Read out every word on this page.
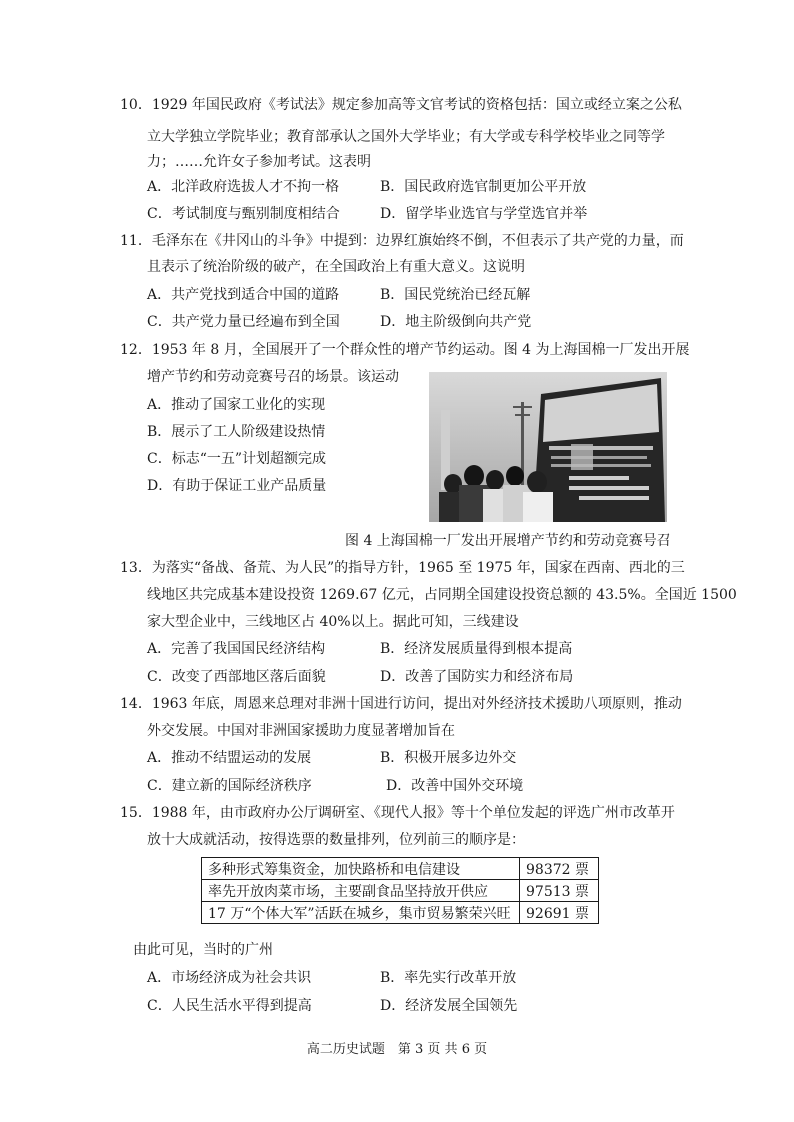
10．1929 年国民政府《考试法》规定参加高等文官考试的资格包括：国立或经立案之公私
立大学独立学院毕业；教育部承认之国外大学毕业；有大学或专科学校毕业之同等学
力；……允许女子参加考试。这表明
A．北洋政府选拔人才不拘一格	B．国民政府选官制更加公平开放
C．考试制度与甄别制度相结合	D．留学毕业选官与学堂选官并举
11．毛泽东在《井冈山的斗争》中提到：边界红旗始终不倒，不但表示了共产党的力量，而
且表示了统治阶级的破产，在全国政治上有重大意义。这说明
A．共产党找到适合中国的道路	B．国民党统治已经瓦解
C．共产党力量已经遍布到全国	D．地主阶级倒向共产党
12．1953 年 8 月，全国展开了一个群众性的增产节约运动。图 4 为上海国棉一厂发出开展
增产节约和劳动竞赛号召的场景。该运动
A．推动了国家工业化的实现
B．展示了工人阶级建设热情
C．标志“一五”计划超额完成
D．有助于保证工业产品质量
图 4 上海国棉一厂发出开展增产节约和劳动竞赛号召
13．为落实“备战、备荒、为人民”的指导方针，1965 至 1975 年，国家在西南、西北的三
线地区共完成基本建设投资 1269.67 亿元，占同期全国建设投资总额的 43.5%。全国近 1500
家大型企业中，三线地区占 40%以上。据此可知，三线建设
A．完善了我国国民经济结构	B．经济发展质量得到根本提高
C．改变了西部地区落后面貌	D．改善了国防实力和经济布局
14．1963 年底，周恩来总理对非洲十国进行访问，提出对外经济技术援助八项原则，推动
外交发展。中国对非洲国家援助力度显著增加旨在
A．推动不结盟运动的发展	B．积极开展多边外交
C．建立新的国际经济秩序	D．改善中国外交环境
15．1988 年，由市政府办公厅调研室、《现代人报》等十个单位发起的评选广州市改革开
放十大成就活动，按得选票的数量排列，位列前三的顺序是：
多种形式筹集资金，加快路桥和电信建设	98372 票
率先开放肉菜市场，主要副食品坚持放开供应	97513 票
17 万“个体大军”活跃在城乡，集市贸易繁荣兴旺	92691 票
由此可见，当时的广州
A．市场经济成为社会共识	B．率先实行改革开放
C．人民生活水平得到提高	D．经济发展全国领先
高二历史试题　第 3 页 共 6 页
